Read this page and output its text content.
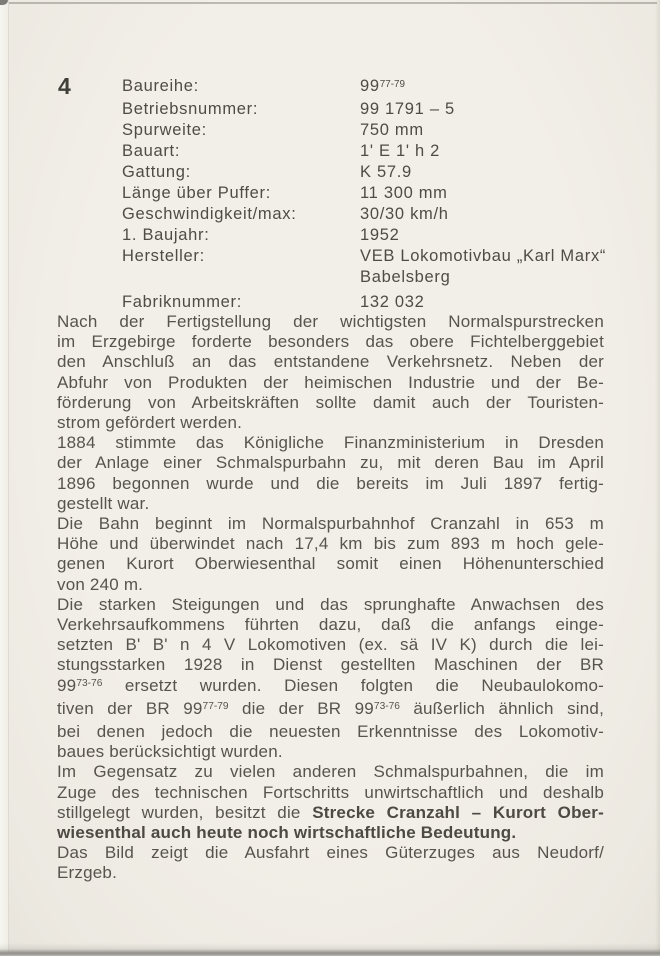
4	Baureihe:	99$^{77-79}$
Betriebsnummer:	99 1791 – 5
Spurweite:	750 mm
Bauart:	1' E 1' h 2
Gattung:	K 57.9
Länge über Puffer:	11 300 mm
Geschwindigkeit/max:	30/30 km/h
1. Baujahr:	1952
Hersteller:	VEB Lokomotivbau „Karl Marx“
Babelsberg
Fabriknummer:	132 032
Nach der Fertigstellung der wichtigsten Normalspurstrecken
im Erzgebirge forderte besonders das obere Fichtelberggebiet
den Anschluß an das entstandene Verkehrsnetz. Neben der
Abfuhr von Produkten der heimischen Industrie und der Be-
förderung von Arbeitskräften sollte damit auch der Touristen-
strom gefördert werden.
1884 stimmte das Königliche Finanzministerium in Dresden
der Anlage einer Schmalspurbahn zu, mit deren Bau im April
1896 begonnen wurde und die bereits im Juli 1897 fertig-
gestellt war.
Die Bahn beginnt im Normalspurbahnhof Cranzahl in 653 m
Höhe und überwindet nach 17,4 km bis zum 893 m hoch gele-
genen Kurort Oberwiesenthal somit einen Höhenunterschied
von 240 m.
Die starken Steigungen und das sprunghafte Anwachsen des
Verkehrsaufkommens führten dazu, daß die anfangs einge-
setzten B' B' n 4 V Lokomotiven (ex. sä IV K) durch die lei-
stungsstarken 1928 in Dienst gestellten Maschinen der BR
99$^{73-76}$ ersetzt wurden. Diesen folgten die Neubaulokomo-
tiven der BR 99$^{77-79}$ die der BR 99$^{73-76}$ äußerlich ähnlich sind,
bei denen jedoch die neuesten Erkenntnisse des Lokomotiv-
baues berücksichtigt wurden.
Im Gegensatz zu vielen anderen Schmalspurbahnen, die im
Zuge des technischen Fortschritts unwirtschaftlich und deshalb
stillgelegt wurden, besitzt die Strecke Cranzahl – Kurort Ober-
wiesenthal auch heute noch wirtschaftliche Bedeutung.
Das Bild zeigt die Ausfahrt eines Güterzuges aus Neudorf/
Erzgeb.
